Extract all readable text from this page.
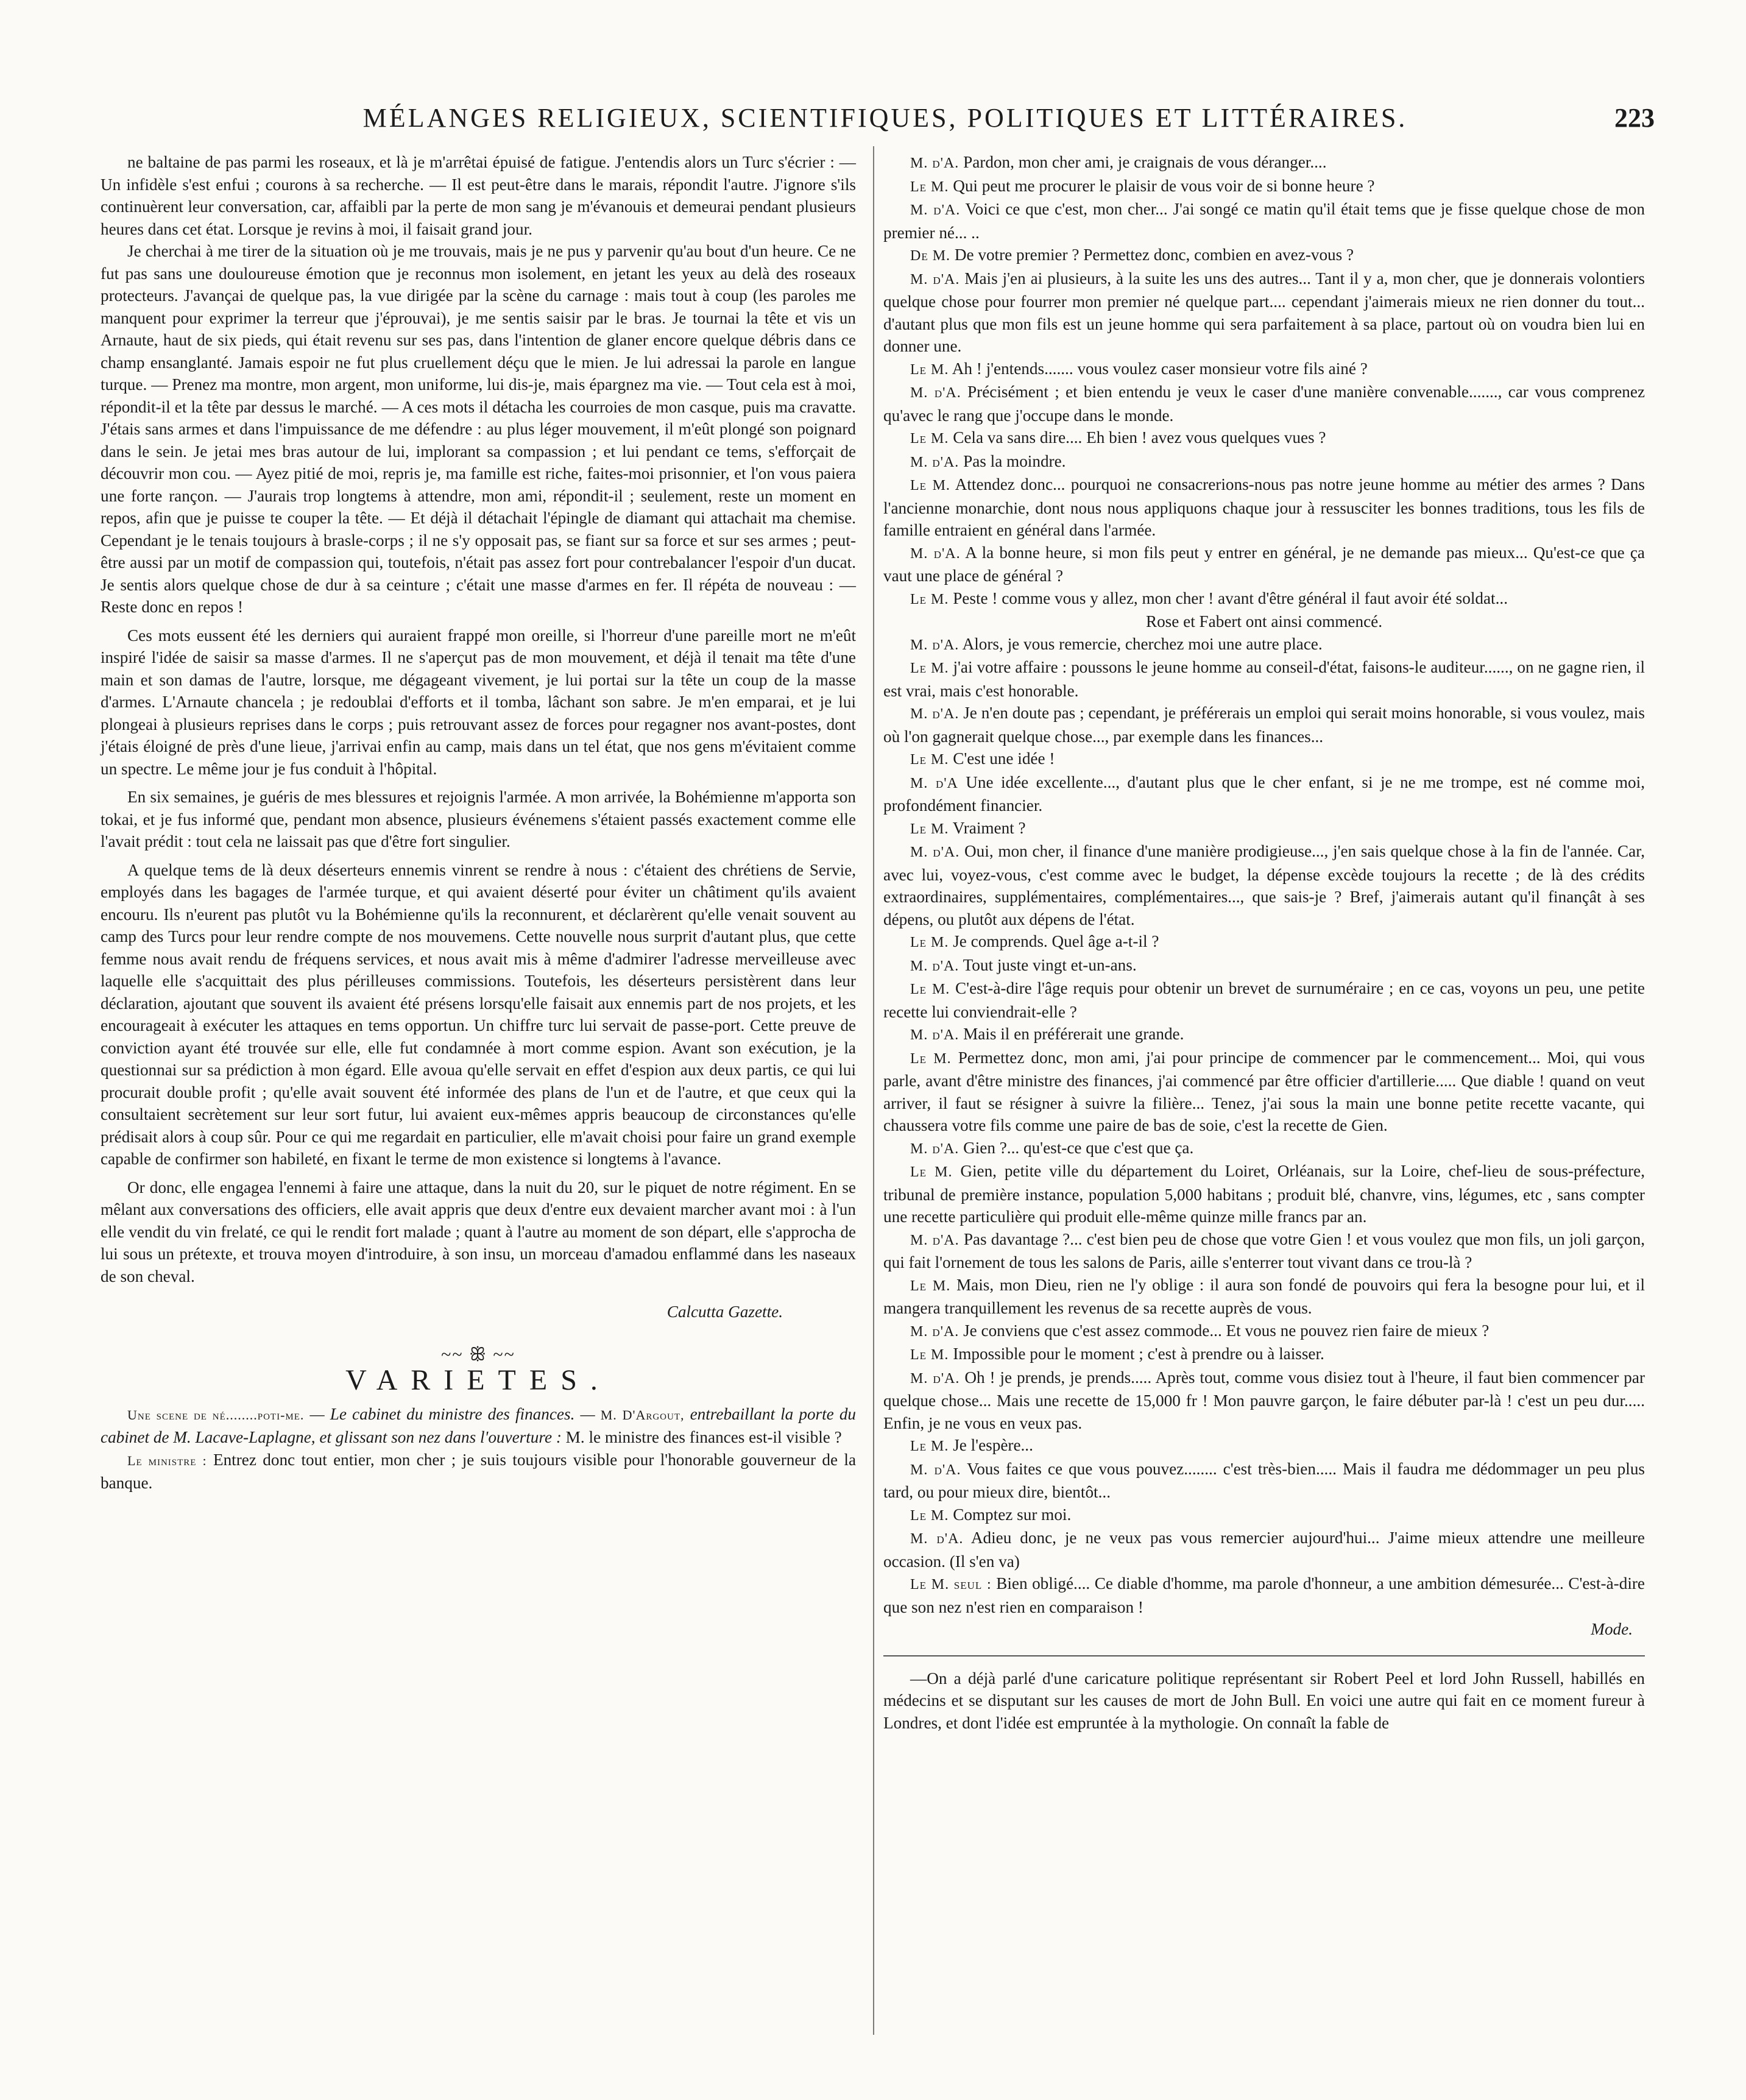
MÉLANGES RELIGIEUX, SCIENTIFIQUES, POLITIQUES ET LITTÉRAIRES.	223

ne baltaine de pas parmi les roseaux, et là je m'arrêtai épuisé de fatigue. J'entendis alors un Turc s'écrier : — Un infidèle s'est enfui ; courons à sa recherche. — Il est peut-être dans le marais, répondit l'autre. J'ignore s'ils continuèrent leur conversation, car, affaibli par la perte de mon sang je m'évanouis et demeurai pendant plusieurs heures dans cet état. Lorsque je revins à moi, il faisait grand jour.

Je cherchai à me tirer de la situation où je me trouvais, mais je ne pus y parvenir qu'au bout d'un heure. Ce ne fut pas sans une douloureuse émotion que je reconnus mon isolement, en jetant les yeux au delà des roseaux protecteurs. J'avançai de quelque pas, la vue dirigée par la scène du carnage : mais tout à coup (les paroles me manquent pour exprimer la terreur que j'éprouvai), je me sentis saisir par le bras. Je tournai la tête et vis un Arnaute, haut de six pieds, qui était revenu sur ses pas, dans l'intention de glaner encore quelque débris dans ce champ ensanglanté. Jamais espoir ne fut plus cruellement déçu que le mien. Je lui adressai la parole en langue turque. — Prenez ma montre, mon argent, mon uniforme, lui dis-je, mais épargnez ma vie. — Tout cela est à moi, répondit-il et la tête par dessus le marché. — A ces mots il détacha les courroies de mon casque, puis ma cravatte. J'étais sans armes et dans l'impuissance de me défendre : au plus léger mouvement, il m'eût plongé son poignard dans le sein. Je jetai mes bras autour de lui, implorant sa compassion ; et lui pendant ce tems, s'efforçait de découvrir mon cou. — Ayez pitié de moi, repris je, ma famille est riche, faites-moi prisonnier, et l'on vous paiera une forte rançon. — J'aurais trop longtems à attendre, mon ami, répondit-il ; seulement, reste un moment en repos, afin que je puisse te couper la tête. — Et déjà il détachait l'épingle de diamant qui attachait ma chemise. Cependant je le tenais toujours à brasle-corps ; il ne s'y opposait pas, se fiant sur sa force et sur ses armes ; peut-être aussi par un motif de compassion qui, toutefois, n'était pas assez fort pour contrebalancer l'espoir d'un ducat. Je sentis alors quelque chose de dur à sa ceinture ; c'était une masse d'armes en fer. Il répéta de nouveau : — Reste donc en repos !

Ces mots eussent été les derniers qui auraient frappé mon oreille, si l'horreur d'une pareille mort ne m'eût inspiré l'idée de saisir sa masse d'armes. Il ne s'aperçut pas de mon mouvement, et déjà il tenait ma tête d'une main et son damas de l'autre, lorsque, me dégageant vivement, je lui portai sur la tête un coup de la masse d'armes. L'Arnaute chancela ; je redoublai d'efforts et il tomba, lâchant son sabre. Je m'en emparai, et je lui plongeai à plusieurs reprises dans le corps ; puis retrouvant assez de forces pour regagner nos avant-postes, dont j'étais éloigné de près d'une lieue, j'arrivai enfin au camp, mais dans un tel état, que nos gens m'évitaient comme un spectre. Le même jour je fus conduit à l'hôpital.

En six semaines, je guéris de mes blessures et rejoignis l'armée. A mon arrivée, la Bohémienne m'apporta son tokai, et je fus informé que, pendant mon absence, plusieurs événemens s'étaient passés exactement comme elle l'avait prédit : tout cela ne laissait pas que d'être fort singulier.

A quelque tems de là deux déserteurs ennemis vinrent se rendre à nous : c'étaient des chrétiens de Servie, employés dans les bagages de l'armée turque, et qui avaient déserté pour éviter un châtiment qu'ils avaient encouru. Ils n'eurent pas plutôt vu la Bohémienne qu'ils la reconnurent, et déclarèrent qu'elle venait souvent au camp des Turcs pour leur rendre compte de nos mouvemens. Cette nouvelle nous surprit d'autant plus, que cette femme nous avait rendu de fréquens services, et nous avait mis à même d'admirer l'adresse merveilleuse avec laquelle elle s'acquittait des plus périlleuses commissions. Toutefois, les déserteurs persistèrent dans leur déclaration, ajoutant que souvent ils avaient été présens lorsqu'elle faisait aux ennemis part de nos projets, et les encourageait à exécuter les attaques en tems opportun. Un chiffre turc lui servait de passe-port. Cette preuve de conviction ayant été trouvée sur elle, elle fut condamnée à mort comme espion. Avant son exécution, je la questionnai sur sa prédiction à mon égard. Elle avoua qu'elle servait en effet d'espion aux deux partis, ce qui lui procurait double profit ; qu'elle avait souvent été informée des plans de l'un et de l'autre, et que ceux qui la consultaient secrètement sur leur sort futur, lui avaient eux-mêmes appris beaucoup de circonstances qu'elle prédisait alors à coup sûr. Pour ce qui me regardait en particulier, elle m'avait choisi pour faire un grand exemple capable de confirmer son habileté, en fixant le terme de mon existence si longtems à l'avance.

Or donc, elle engagea l'ennemi à faire une attaque, dans la nuit du 20, sur le piquet de notre régiment. En se mêlant aux conversations des officiers, elle avait appris que deux d'entre eux devaient marcher avant moi : à l'un elle vendit du vin frelaté, ce qui le rendit fort malade ; quant à l'autre au moment de son départ, elle s'approcha de lui sous un prétexte, et trouva moyen d'introduire, à son insu, un morceau d'amadou enflammé dans les naseaux de son cheval.

Calcutta Gazette.
~~ ꕥ ~~
VARIETES.

Une scene de né........poti-me. — Le cabinet du ministre des finances. — M. D'Argout, entrebaillant la porte du cabinet de M. Lacave-Laplagne, et glissant son nez dans l'ouverture : M. le ministre des finances est-il visible ?

Le ministre : Entrez donc tout entier, mon cher ; je suis toujours visible pour l'honorable gouverneur de la banque.

M. d'A. Pardon, mon cher ami, je craignais de vous déranger....

Le M. Qui peut me procurer le plaisir de vous voir de si bonne heure ?

M. d'A. Voici ce que c'est, mon cher... J'ai songé ce matin qu'il était tems que je fisse quelque chose de mon premier né... ..

De M. De votre premier ? Permettez donc, combien en avez-vous ?

M. d'A. Mais j'en ai plusieurs, à la suite les uns des autres... Tant il y a, mon cher, que je donnerais volontiers quelque chose pour fourrer mon premier né quelque part.... cependant j'aimerais mieux ne rien donner du tout... d'autant plus que mon fils est un jeune homme qui sera parfaitement à sa place, partout où on voudra bien lui en donner une.

Le M. Ah ! j'entends....... vous voulez caser monsieur votre fils ainé ?

M. d'A. Précisément ; et bien entendu je veux le caser d'une manière convenable......., car vous comprenez qu'avec le rang que j'occupe dans le monde.

Le M. Cela va sans dire.... Eh bien ! avez vous quelques vues ?

M. d'A. Pas la moindre.

Le M. Attendez donc... pourquoi ne consacrerions-nous pas notre jeune homme au métier des armes ? Dans l'ancienne monarchie, dont nous nous appliquons chaque jour à ressusciter les bonnes traditions, tous les fils de famille entraient en général dans l'armée.

M. d'A. A la bonne heure, si mon fils peut y entrer en général, je ne demande pas mieux... Qu'est-ce que ça vaut une place de général ?

Le M. Peste ! comme vous y allez, mon cher ! avant d'être général il faut avoir été soldat...

Rose et Fabert ont ainsi commencé.

M. d'A. Alors, je vous remercie, cherchez moi une autre place.

Le M. j'ai votre affaire : poussons le jeune homme au conseil-d'état, faisons-le auditeur......, on ne gagne rien, il est vrai, mais c'est honorable.

M. d'A. Je n'en doute pas ; cependant, je préférerais un emploi qui serait moins honorable, si vous voulez, mais où l'on gagnerait quelque chose..., par exemple dans les finances...

Le M. C'est une idée !

M. d'A Une idée excellente..., d'autant plus que le cher enfant, si je ne me trompe, est né comme moi, profondément financier.

Le M. Vraiment ?

M. d'A. Oui, mon cher, il finance d'une manière prodigieuse..., j'en sais quelque chose à la fin de l'année. Car, avec lui, voyez-vous, c'est comme avec le budget, la dépense excède toujours la recette ; de là des crédits extraordinaires, supplémentaires, complémentaires..., que sais-je ? Bref, j'aimerais autant qu'il finançât à ses dépens, ou plutôt aux dépens de l'état.

Le M. Je comprends. Quel âge a-t-il ?

M. d'A. Tout juste vingt et-un-ans.

Le M. C'est-à-dire l'âge requis pour obtenir un brevet de surnuméraire ; en ce cas, voyons un peu, une petite recette lui conviendrait-elle ?

M. d'A. Mais il en préférerait une grande.

Le M. Permettez donc, mon ami, j'ai pour principe de commencer par le commencement... Moi, qui vous parle, avant d'être ministre des finances, j'ai commencé par être officier d'artillerie..... Que diable ! quand on veut arriver, il faut se résigner à suivre la filière... Tenez, j'ai sous la main une bonne petite recette vacante, qui chaussera votre fils comme une paire de bas de soie, c'est la recette de Gien.

M. d'A. Gien ?... qu'est-ce que c'est que ça.

Le M. Gien, petite ville du département du Loiret, Orléanais, sur la Loire, chef-lieu de sous-préfecture, tribunal de première instance, population 5,000 habitans ; produit blé, chanvre, vins, légumes, etc , sans compter une recette particulière qui produit elle-même quinze mille francs par an.

M. d'A. Pas davantage ?... c'est bien peu de chose que votre Gien ! et vous voulez que mon fils, un joli garçon, qui fait l'ornement de tous les salons de Paris, aille s'enterrer tout vivant dans ce trou-là ?

Le M. Mais, mon Dieu, rien ne l'y oblige : il aura son fondé de pouvoirs qui fera la besogne pour lui, et il mangera tranquillement les revenus de sa recette auprès de vous.

M. d'A. Je conviens que c'est assez commode... Et vous ne pouvez rien faire de mieux ?

Le M. Impossible pour le moment ; c'est à prendre ou à laisser.

M. d'A. Oh ! je prends, je prends..... Après tout, comme vous disiez tout à l'heure, il faut bien commencer par quelque chose... Mais une recette de 15,000 fr ! Mon pauvre garçon, le faire débuter par-là ! c'est un peu dur..... Enfin, je ne vous en veux pas.

Le M. Je l'espère...

M. d'A. Vous faites ce que vous pouvez........ c'est très-bien..... Mais il faudra me dédommager un peu plus tard, ou pour mieux dire, bientôt...

Le M. Comptez sur moi.

M. d'A. Adieu donc, je ne veux pas vous remercier aujourd'hui... J'aime mieux attendre une meilleure occasion. (Il s'en va)

Le M. seul : Bien obligé.... Ce diable d'homme, ma parole d'honneur, a une ambition démesurée... C'est-à-dire que son nez n'est rien en comparaison !

Mode.

—On a déjà parlé d'une caricature politique représentant sir Robert Peel et lord John Russell, habillés en médecins et se disputant sur les causes de mort de John Bull. En voici une autre qui fait en ce moment fureur à Londres, et dont l'idée est empruntée à la mythologie. On connaît la fable de
